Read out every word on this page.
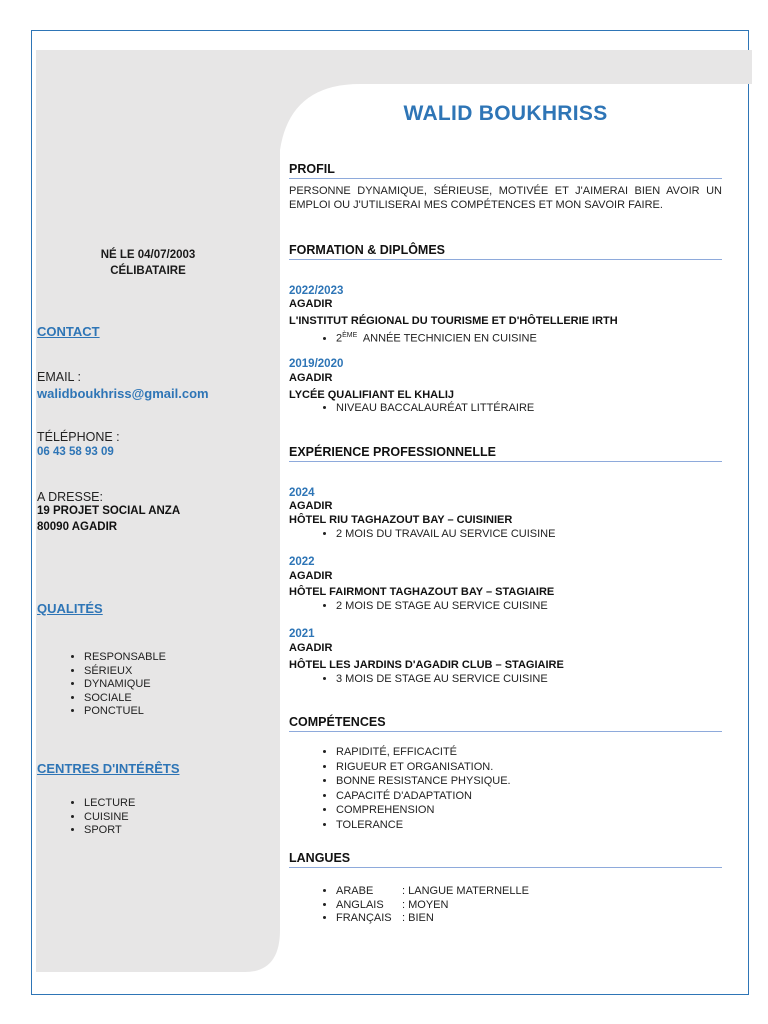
NÉ LE 04/07/2003
CÉLIBATAIRE
CONTACT
EMAIL :
walidboukhriss@gmail.com
TÉLÉPHONE :
06 43 58 93 09
A DRESSE:
19 PROJET SOCIAL ANZA
80090 AGADIR
QUALITÉS
• RESPONSABLE
• SÉRIEUX
• DYNAMIQUE
• SOCIALE
• PONCTUEL
CENTRES D'INTÉRÊTS
• LECTURE
• CUISINE
• SPORT
WALID BOUKHRISS
PROFIL
PERSONNE DYNAMIQUE, SÉRIEUSE, MOTIVÉE ET J'AIMERAI BIEN AVOIR UN EMPLOI OU J'UTILISERAI MES COMPÉTENCES ET MON SAVOIR FAIRE.
FORMATION & DIPLÔMES
2022/2023
AGADIR
L'INSTITUT RÉGIONAL DU TOURISME ET D'HÔTELLERIE IRTH
• 2ÈME ANNÉE TECHNICIEN EN CUISINE
2019/2020
AGADIR
LYCÉE QUALIFIANT EL KHALIJ
• NIVEAU BACCALAURÉAT LITTÉRAIRE
EXPÉRIENCE PROFESSIONNELLE
2024
AGADIR
HÔTEL RIU TAGHAZOUT BAY – CUISINIER
• 2 MOIS DU TRAVAIL AU SERVICE CUISINE
2022
AGADIR
HÔTEL FAIRMONT TAGHAZOUT BAY – STAGIAIRE
• 2 MOIS DE STAGE AU SERVICE CUISINE
2021
AGADIR
HÔTEL LES JARDINS D'AGADIR CLUB – STAGIAIRE
• 3 MOIS DE STAGE AU SERVICE CUISINE
COMPÉTENCES
• RAPIDITÉ, EFFICACITÉ
• RIGUEUR ET ORGANISATION.
• BONNE RESISTANCE PHYSIQUE.
• CAPACITÉ D'ADAPTATION
• COMPREHENSION
• TOLERANCE
LANGUES
• ARABE	: LANGUE MATERNELLE
• ANGLAIS : MOYEN
• FRANÇAIS : BIEN
